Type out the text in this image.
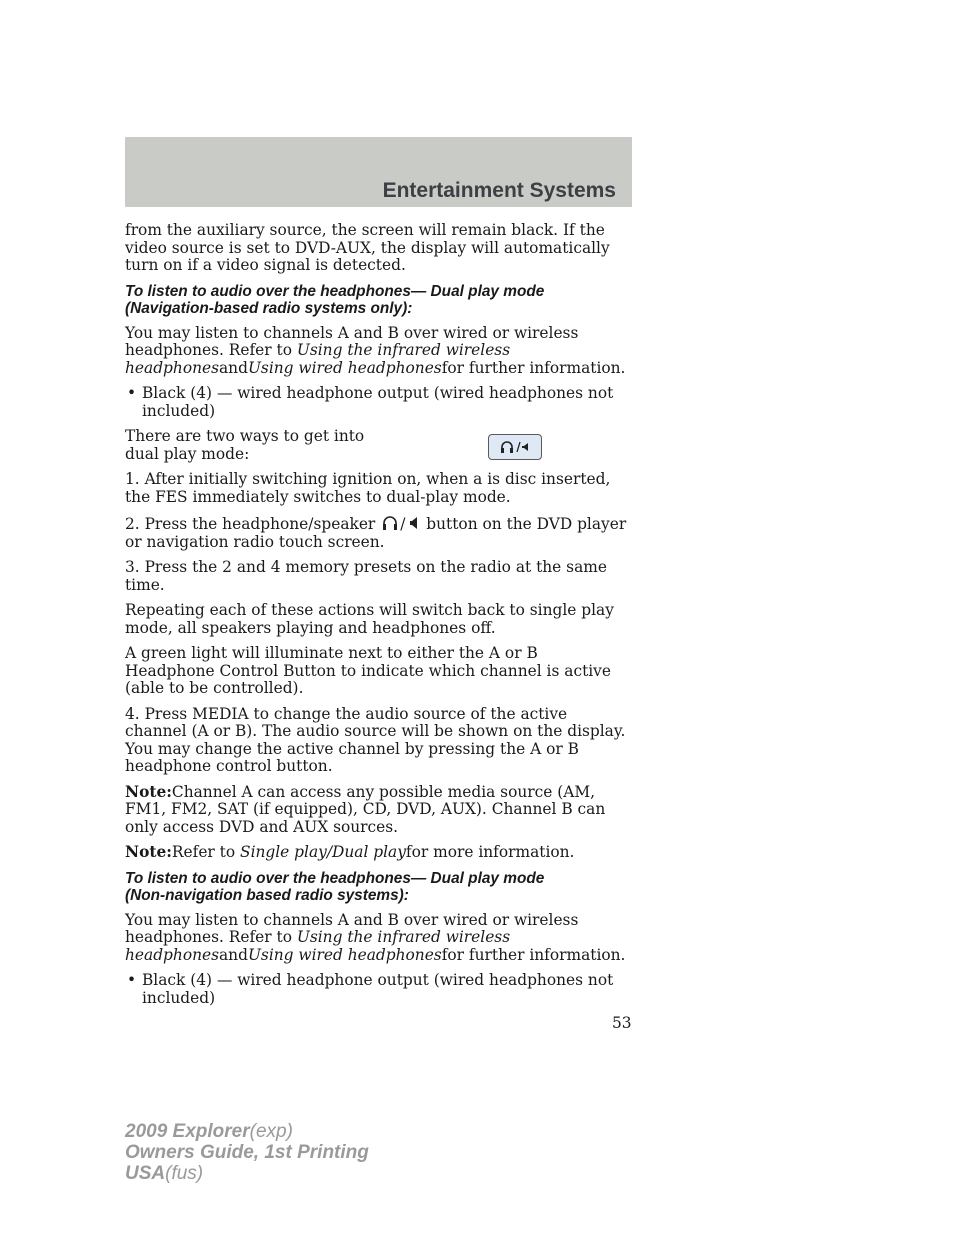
Entertainment Systems

from the auxiliary source, the screen will remain black. If the video source is set to DVD-AUX, the display will automatically turn on if a video signal is detected.

To listen to audio over the headphones— Dual play mode
(Navigation-based radio systems only):

You may listen to channels A and B over wired or wireless headphones. Refer to Using the infrared wireless headphonesandUsing wired headphonesfor further information.

• Black (4) — wired headphone output (wired headphones not included)

There are two ways to get into dual play mode:

1. After initially switching ignition on, when a is disc inserted, the FES immediately switches to dual-play mode.

2. Press the headphone/speaker / button on the DVD player or navigation radio touch screen.

3. Press the 2 and 4 memory presets on the radio at the same time.

Repeating each of these actions will switch back to single play mode, all speakers playing and headphones off.

A green light will illuminate next to either the A or B Headphone Control Button to indicate which channel is active (able to be controlled).

4. Press MEDIA to change the audio source of the active channel (A or B). The audio source will be shown on the display. You may change the active channel by pressing the A or B headphone control button.

Note:Channel A can access any possible media source (AM, FM1, FM2, SAT (if equipped), CD, DVD, AUX). Channel B can only access DVD and AUX sources.

Note:Refer to Single play/Dual playfor more information.

To listen to audio over the headphones— Dual play mode
(Non-navigation based radio systems):

You may listen to channels A and B over wired or wireless headphones. Refer to Using the infrared wireless headphonesandUsing wired headphonesfor further information.

• Black (4) — wired headphone output (wired headphones not included)
53
2009 Explorer(exp)
Owners Guide, 1st Printing
USA(fus)
